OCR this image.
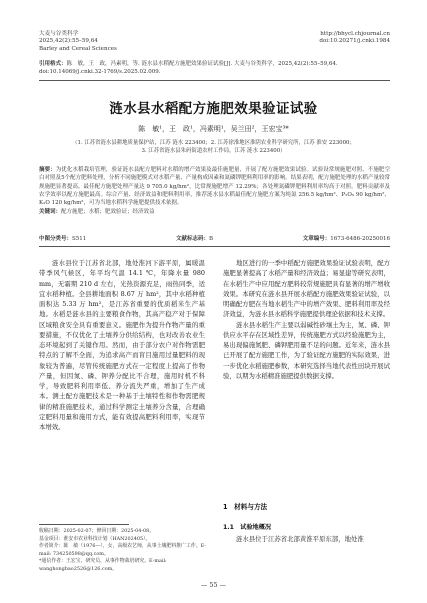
大麦与谷类科学	http://bhycl.chjournal.cn
2025,42(2):55–59,64	doi:10.20271/j.cnki.1984
Barley and Cereal Sciences
引用格式：陈　敏，王　政，冯素明，等. 涟水县水稻配方施肥效果验证试验[J]. 大麦与谷类科学，2025,42(2):55–59,64. doi:10.14069/j.cnki.32-1769/s.2025.02.009.
涟水县水稻配方施肥效果验证试验
陈　敏¹，王　政¹，冯素明¹，吴兰田²，王宏宝³*
（1. 江苏省涟水县耕地质量保护站，江苏 涟水 223400；2. 江苏徐淮地区淮阴农业科学研究所，江苏 淮安 223000；
3. 江苏省涟水县朱码街道农村工作局，江苏 涟水 223400）
摘要：为优化水稻栽培管理，验证涟水县配方肥料对水稻的增产效果及最佳施肥量，开展了配方施肥效果试验。试验设常规施肥对照、不施肥空白对照及5个配方肥料处理，分析不同施肥模式对水稻产量、产量构成因素和氮磷钾肥料利用率的影响。结果表明，配方施肥处理的水稻产量较常规施肥显著提高，最佳配方施肥处理产量达 9 705.0 kg/hm²，比常规施肥增产 12.29%；各处理氮磷钾肥料利用率均高于对照，肥料贡献率及农学效率以配方施肥最高。综合产量、经济效益和肥料利用率，推荐涟水县水稻最佳配方施肥方案为纯氮 256.5 kg/hm²、P₂O₅ 90 kg/hm²、K₂O 120 kg/hm²，可为当地水稻科学施肥提供技术依据。
关键词：配方施肥；水稻；肥效验证；经济效益
中图分类号：S511	文献标志码：B	文章编号：1673-6486-20250016

涟水县位于江苏省北部，地处淮河下游平原，属暖温带季风气候区，年平均气温 14.1 ℃，年降水量 980 mm，无霜期 210 d 左右，光热资源充足，雨热同季，适宜水稻种植。全县耕地面积 8.67 万 hm²，其中水稻种植面积达 5.33 万 hm²，是江苏省重要的优质稻米生产基地。水稻是涟水县的主要粮食作物，其高产稳产对于保障区域粮食安全具有重要意义。施肥作为提升作物产量的重要措施，不仅优化了土壤养分供给结构，也对改善农业生态环境起到了关键作用。然而，由于部分农户对作物需肥特点的了解不全面，为追求高产而盲目施用过量肥料的现象较为普遍，尽管传统施肥方式在一定程度上提高了作物产量，但因氮、磷、钾养分配比不合理，施用时机不科学，导致肥料利用率低、养分流失严重，增加了生产成本。测土配方施肥技术是一种基于土壤特性和作物需肥规律的精准施肥技术，通过科学测定土壤养分含量，合理确定肥料用量和施用方式，能有效提高肥料利用率，实现节本增效。

地区进行的一季中稻配方施肥效果验证试验表明，配方施肥显著提高了水稻产量和经济效益；易显建等研究表明，在水稻生产中应用配方肥料较常规施肥具有显著的增产增收效果。本研究在涟水县开展水稻配方施肥效果验证试验，以明确配方肥在当地水稻生产中的增产效果、肥料利用率及经济效益，为涟水县水稻科学施肥提供理论依据和技术支撑。

涟水县水稻生产主要以弱碱性砂壤土为主，氮、磷、钾供应水平存在区域性差异，传统施肥方式以经验施肥为主，易出现偏施氮肥、磷钾肥用量不足的问题。近年来，涟水县已开展了配方施肥工作，为了验证配方施肥的实际效果，进一步优化水稻施肥参数，本研究选择当地代表性田块开展试验，以期为水稻精准施肥提供数据支撑。

1　材料与方法
1.1　试验地概况
涟水县位于江苏省北部黄淮平原东部，地处淮
收稿日期：2025-02-07；修回日期：2025-04-08。
基金项目：淮安市农业科技计划（HAN202405）。
作者简介：陈　敏（1976—），女，高级农艺师，从事土壤肥料推广工作。E-mail: 734250598@qq.com。
*通信作者：王宏宝，研究员，从事作物栽培研究。E-mail: wanghongbao2526@126.com。
— 55 —
